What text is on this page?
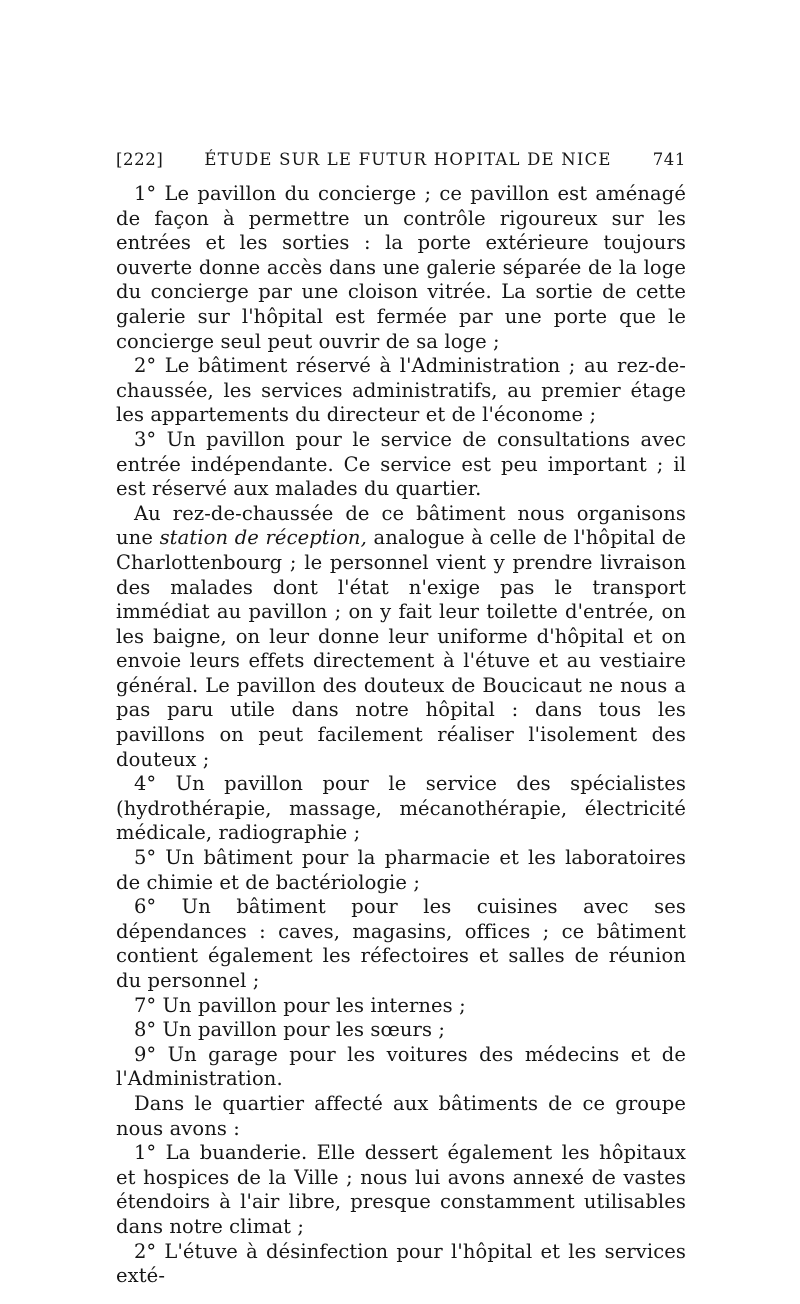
[222] ÉTUDE SUR LE FUTUR HOPITAL DE NICE 741

1° Le pavillon du concierge ; ce pavillon est aménagé de façon à permettre un contrôle rigoureux sur les entrées et les sorties : la porte extérieure toujours ouverte donne accès dans une galerie séparée de la loge du concierge par une cloison vitrée. La sortie de cette galerie sur l'hôpital est fermée par une porte que le concierge seul peut ouvrir de sa loge ;

2° Le bâtiment réservé à l'Administration ; au rez-de-chaussée, les services administratifs, au premier étage les appartements du directeur et de l'économe ;

3° Un pavillon pour le service de consultations avec entrée indépendante. Ce service est peu important ; il est réservé aux malades du quartier.

Au rez-de-chaussée de ce bâtiment nous organisons une station de réception, analogue à celle de l'hôpital de Charlottenbourg ; le personnel vient y prendre livraison des malades dont l'état n'exige pas le transport immédiat au pavillon ; on y fait leur toilette d'entrée, on les baigne, on leur donne leur uniforme d'hôpital et on envoie leurs effets directement à l'étuve et au vestiaire général. Le pavillon des douteux de Boucicaut ne nous a pas paru utile dans notre hôpital : dans tous les pavillons on peut facilement réaliser l'isolement des douteux ;

4° Un pavillon pour le service des spécialistes (hydrothérapie, massage, mécanothérapie, électricité médicale, radiographie ;

5° Un bâtiment pour la pharmacie et les laboratoires de chimie et de bactériologie ;

6° Un bâtiment pour les cuisines avec ses dépendances : caves, magasins, offices ; ce bâtiment contient également les réfectoires et salles de réunion du personnel ;

7° Un pavillon pour les internes ;

8° Un pavillon pour les sœurs ;

9° Un garage pour les voitures des médecins et de l'Administration.

Dans le quartier affecté aux bâtiments de ce groupe nous avons :

1° La buanderie. Elle dessert également les hôpitaux et hospices de la Ville ; nous lui avons annexé de vastes étendoirs à l'air libre, presque constamment utilisables dans notre climat ;

2° L'étuve à désinfection pour l'hôpital et les services exté-
